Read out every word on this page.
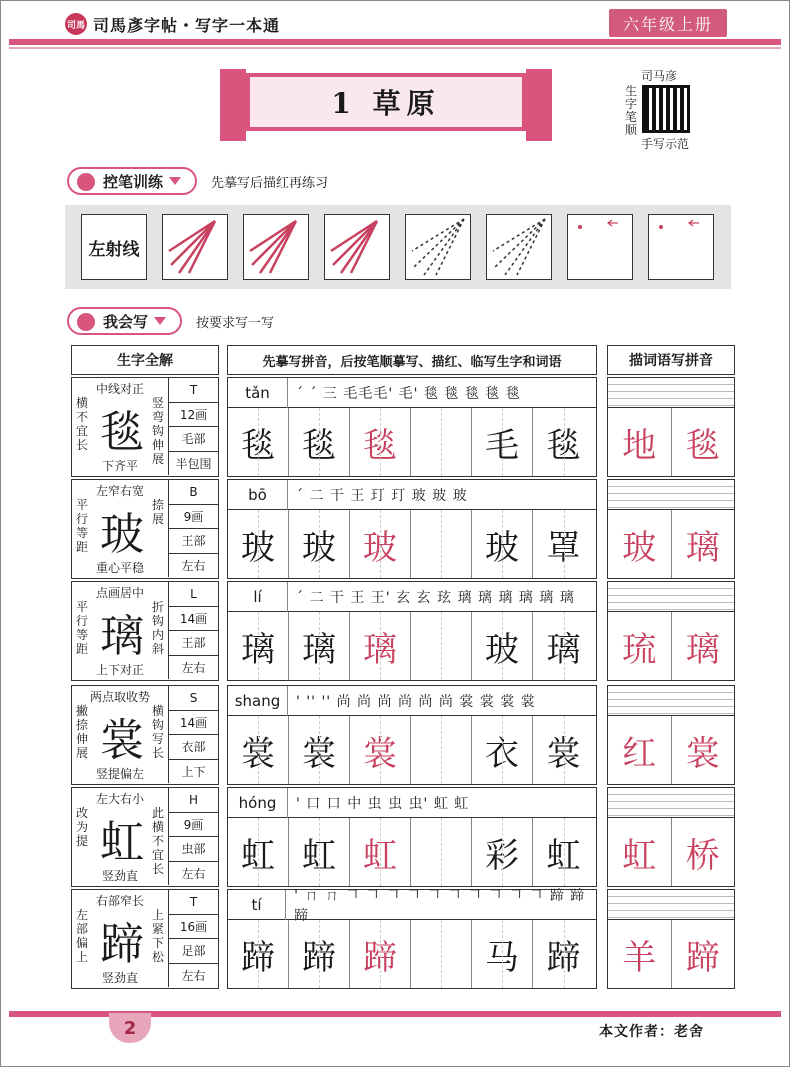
司馬 司馬彥字帖・写字一本通	六年级上册
1 草原
司马彦
生字笔顺
手写示范
控笔训练	先摹写后描红再练习
左射线
我会写	按要求写一写
生字全解	先摹写拼音，后按笔顺摹写、描红、临写生字和词语	描词语写拼音
中线对正
横不宜长 毯
竖弯钩伸展
下齐平
T
12画
毛部
半包围
tǎn	ˊ ˊ 三 毛毛毛' 毛' 毯 毯 毯 毯 毯
毯 毯 毯	毛 毯	地 毯
左窄右宽
平行等距 玻
捺展
重心平稳
B
9画
王部
左右
bō	ˊ 二 干 王 玎 玎 玻 玻 玻
玻 玻 玻	玻 罩	玻 璃
点画居中
平行等距 璃
折钩内斜
上下对正
L
14画
王部
左右
lí	ˊ 二 干 王 王' 玄 玄 玹 璃 璃 璃 璃 璃 璃
璃 璃 璃	玻 璃	琉 璃
两点取收势
撇捺伸展 裳
横钩写长
竖提偏左
S
14画
衣部
上下
shang	' '' '' 尚 尚 尚 尚 尚 尚 裳 裳 裳 裳
裳 裳 裳	衣 裳	红 裳
左大右小
改为提 虹
此横不宜长
竖劲直
H
9画
虫部
左右
hóng	' 口 口 中 虫 虫 虫' 虹 虹
虹 虹 虹	彩 虹	虹 桥
右部窄长
左部偏上 蹄
上紧下松
竖劲直
T
16画
足部
左右
tí	' ㄇ ㄇ 𠃍 𠃍 𠃍 𠃍 𠃍 𠃍 𠃍 𠃍 𠃍 𠃍 蹄 蹄 蹄
蹄 蹄 蹄	马 蹄	羊 蹄
2	本文作者：老舍
